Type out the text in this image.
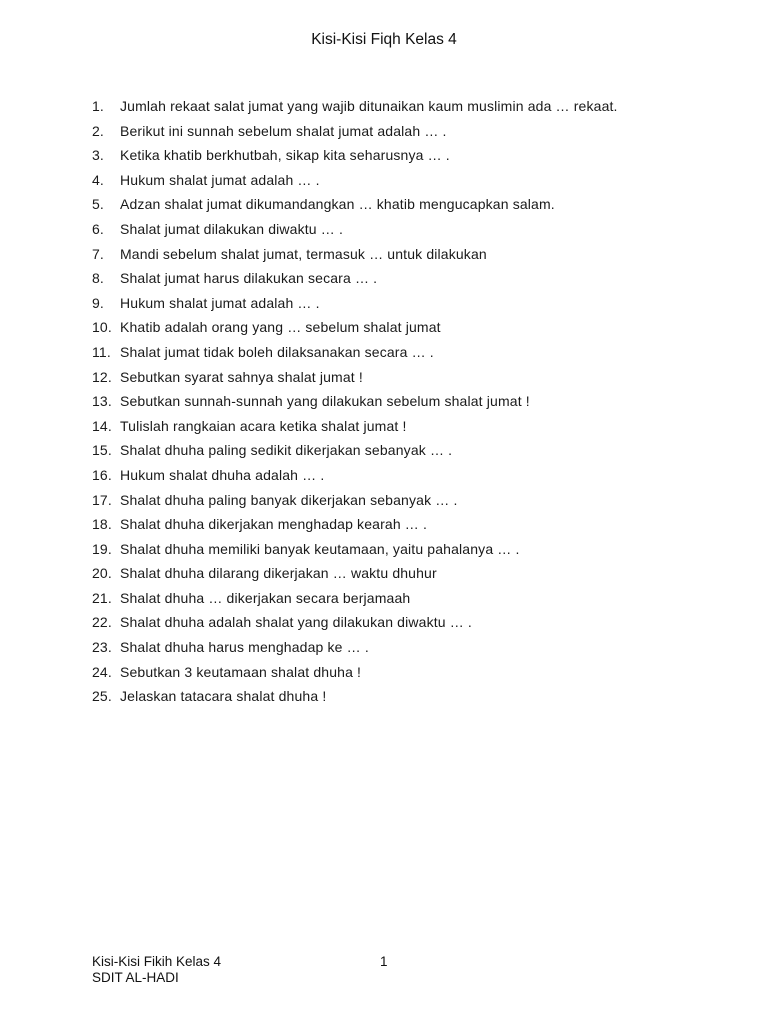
Kisi-Kisi Fiqh Kelas 4
1.	Jumlah rekaat salat jumat yang wajib ditunaikan kaum muslimin ada … rekaat.
2.	Berikut ini sunnah sebelum shalat jumat adalah … .
3.	Ketika khatib berkhutbah, sikap kita seharusnya … .
4.	Hukum shalat jumat adalah … .
5.	Adzan shalat jumat dikumandangkan … khatib mengucapkan salam.
6.	Shalat jumat dilakukan diwaktu … .
7.	Mandi sebelum shalat jumat, termasuk … untuk dilakukan
8.	Shalat jumat harus dilakukan secara … .
9.	Hukum shalat jumat adalah … .
10. Khatib adalah orang yang … sebelum shalat jumat
11. Shalat jumat tidak boleh dilaksanakan secara … .
12. Sebutkan syarat sahnya shalat jumat !
13. Sebutkan sunnah-sunnah yang dilakukan sebelum shalat jumat !
14. Tulislah rangkaian acara ketika shalat jumat !
15. Shalat dhuha paling sedikit dikerjakan sebanyak … .
16. Hukum shalat dhuha adalah … .
17. Shalat dhuha paling banyak dikerjakan sebanyak … .
18. Shalat dhuha dikerjakan menghadap kearah … .
19. Shalat dhuha memiliki banyak keutamaan, yaitu pahalanya … .
20. Shalat dhuha dilarang dikerjakan … waktu dhuhur
21. Shalat dhuha … dikerjakan secara berjamaah
22. Shalat dhuha adalah shalat yang dilakukan diwaktu … .
23. Shalat dhuha harus menghadap ke … .
24. Sebutkan 3 keutamaan shalat dhuha !
25. Jelaskan tatacara shalat dhuha !
Kisi-Kisi Fikih Kelas 4
SDIT AL-HADI
1
